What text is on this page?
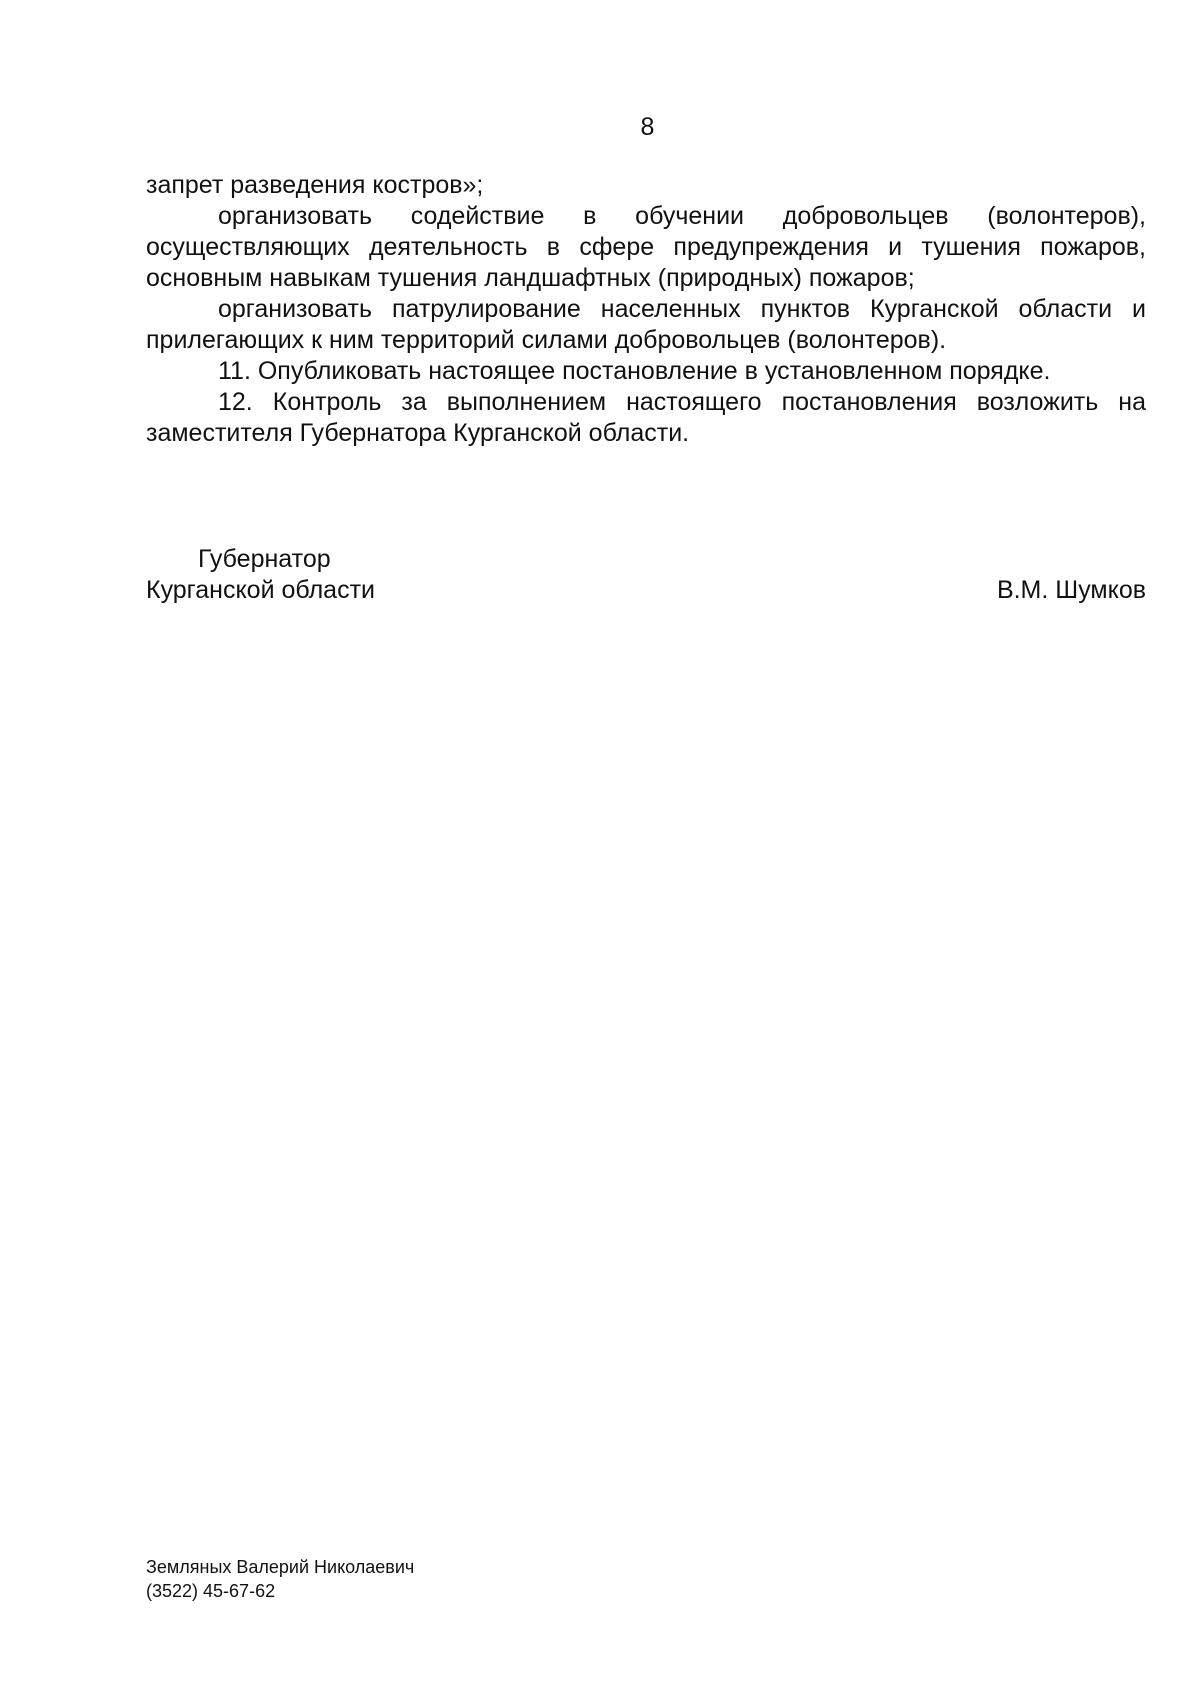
8

запрет разведения костров»;

организовать содействие в обучении добровольцев (волонтеров), осуществляющих деятельность в сфере предупреждения и тушения пожаров, основным навыкам тушения ландшафтных (природных) пожаров;

организовать патрулирование населенных пунктов Курганской области и прилегающих к ним территорий силами добровольцев (волонтеров).

11. Опубликовать настоящее постановление в установленном порядке.

12. Контроль за выполнением настоящего постановления возложить на заместителя Губернатора Курганской области.

Губернатор
Курганской области	В.М. Шумков
Земляных Валерий Николаевич
(3522) 45-67-62
